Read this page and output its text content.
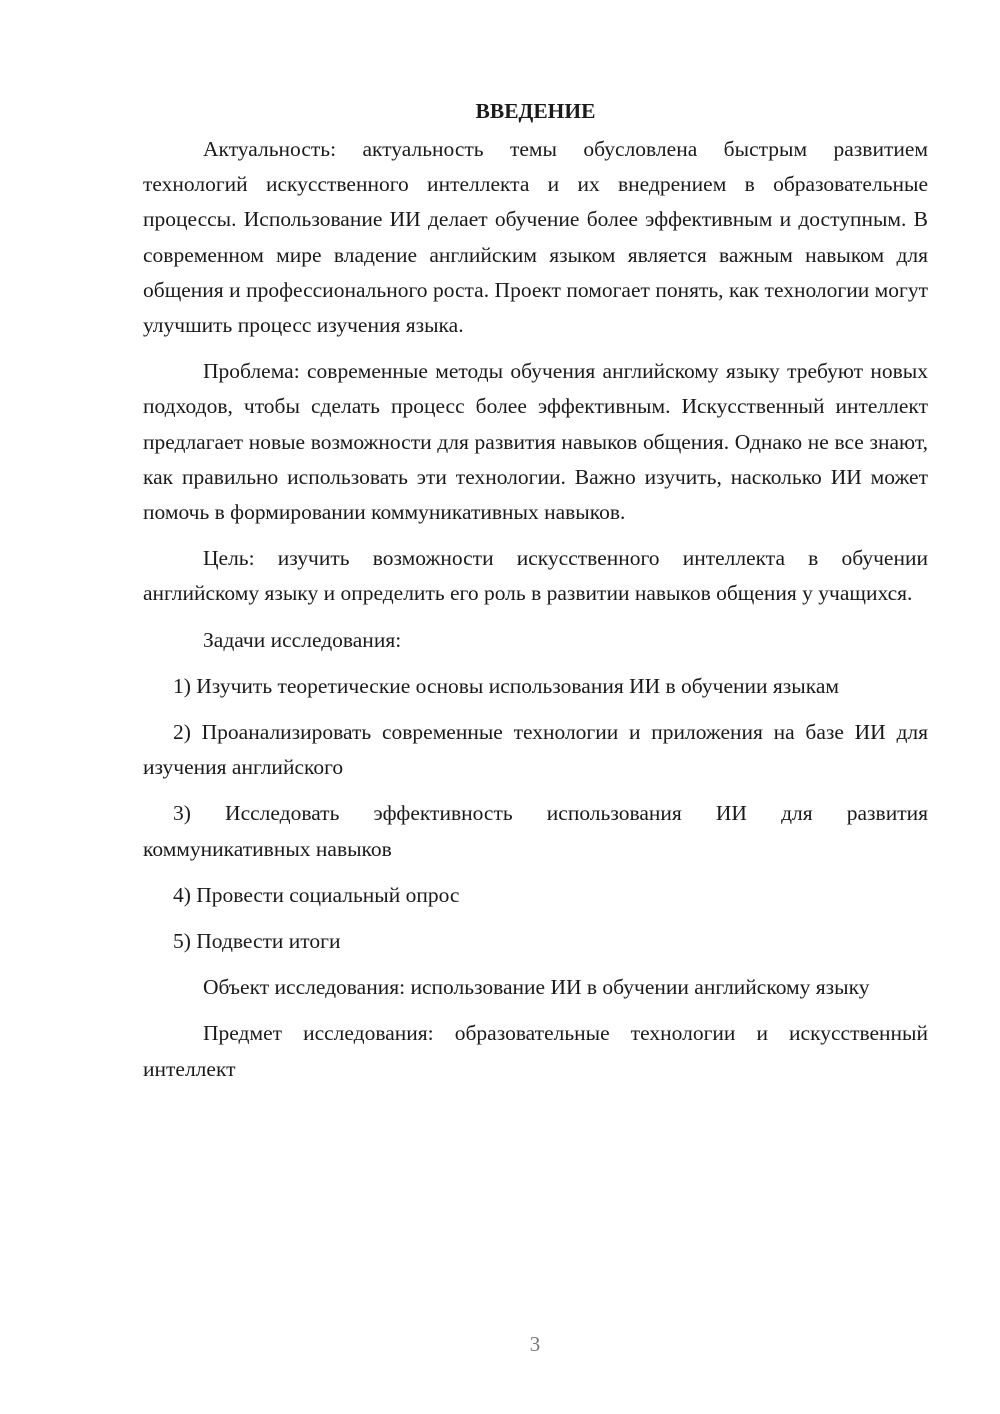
ВВЕДЕНИЕ

Актуальность: актуальность темы обусловлена быстрым развитием технологий искусственного интеллекта и их внедрением в образовательные процессы. Использование ИИ делает обучение более эффективным и доступным. В современном мире владение английским языком является важным навыком для общения и профессионального роста. Проект помогает понять, как технологии могут улучшить процесс изучения языка.

Проблема: современные методы обучения английскому языку требуют новых подходов, чтобы сделать процесс более эффективным. Искусственный интеллект предлагает новые возможности для развития навыков общения. Однако не все знают, как правильно использовать эти технологии. Важно изучить, насколько ИИ может помочь в формировании коммуникативных навыков.

Цель: изучить возможности искусственного интеллекта в обучении английскому языку и определить его роль в развитии навыков общения у учащихся.

Задачи исследования:

1) Изучить теоретические основы использования ИИ в обучении языкам

2) Проанализировать современные технологии и приложения на базе ИИ для изучения английского

3) Исследовать эффективность использования ИИ для развития коммуникативных навыков

4) Провести социальный опрос

5) Подвести итоги

Объект исследования: использование ИИ в обучении английскому языку

Предмет исследования: образовательные технологии и искусственный интеллект

3
